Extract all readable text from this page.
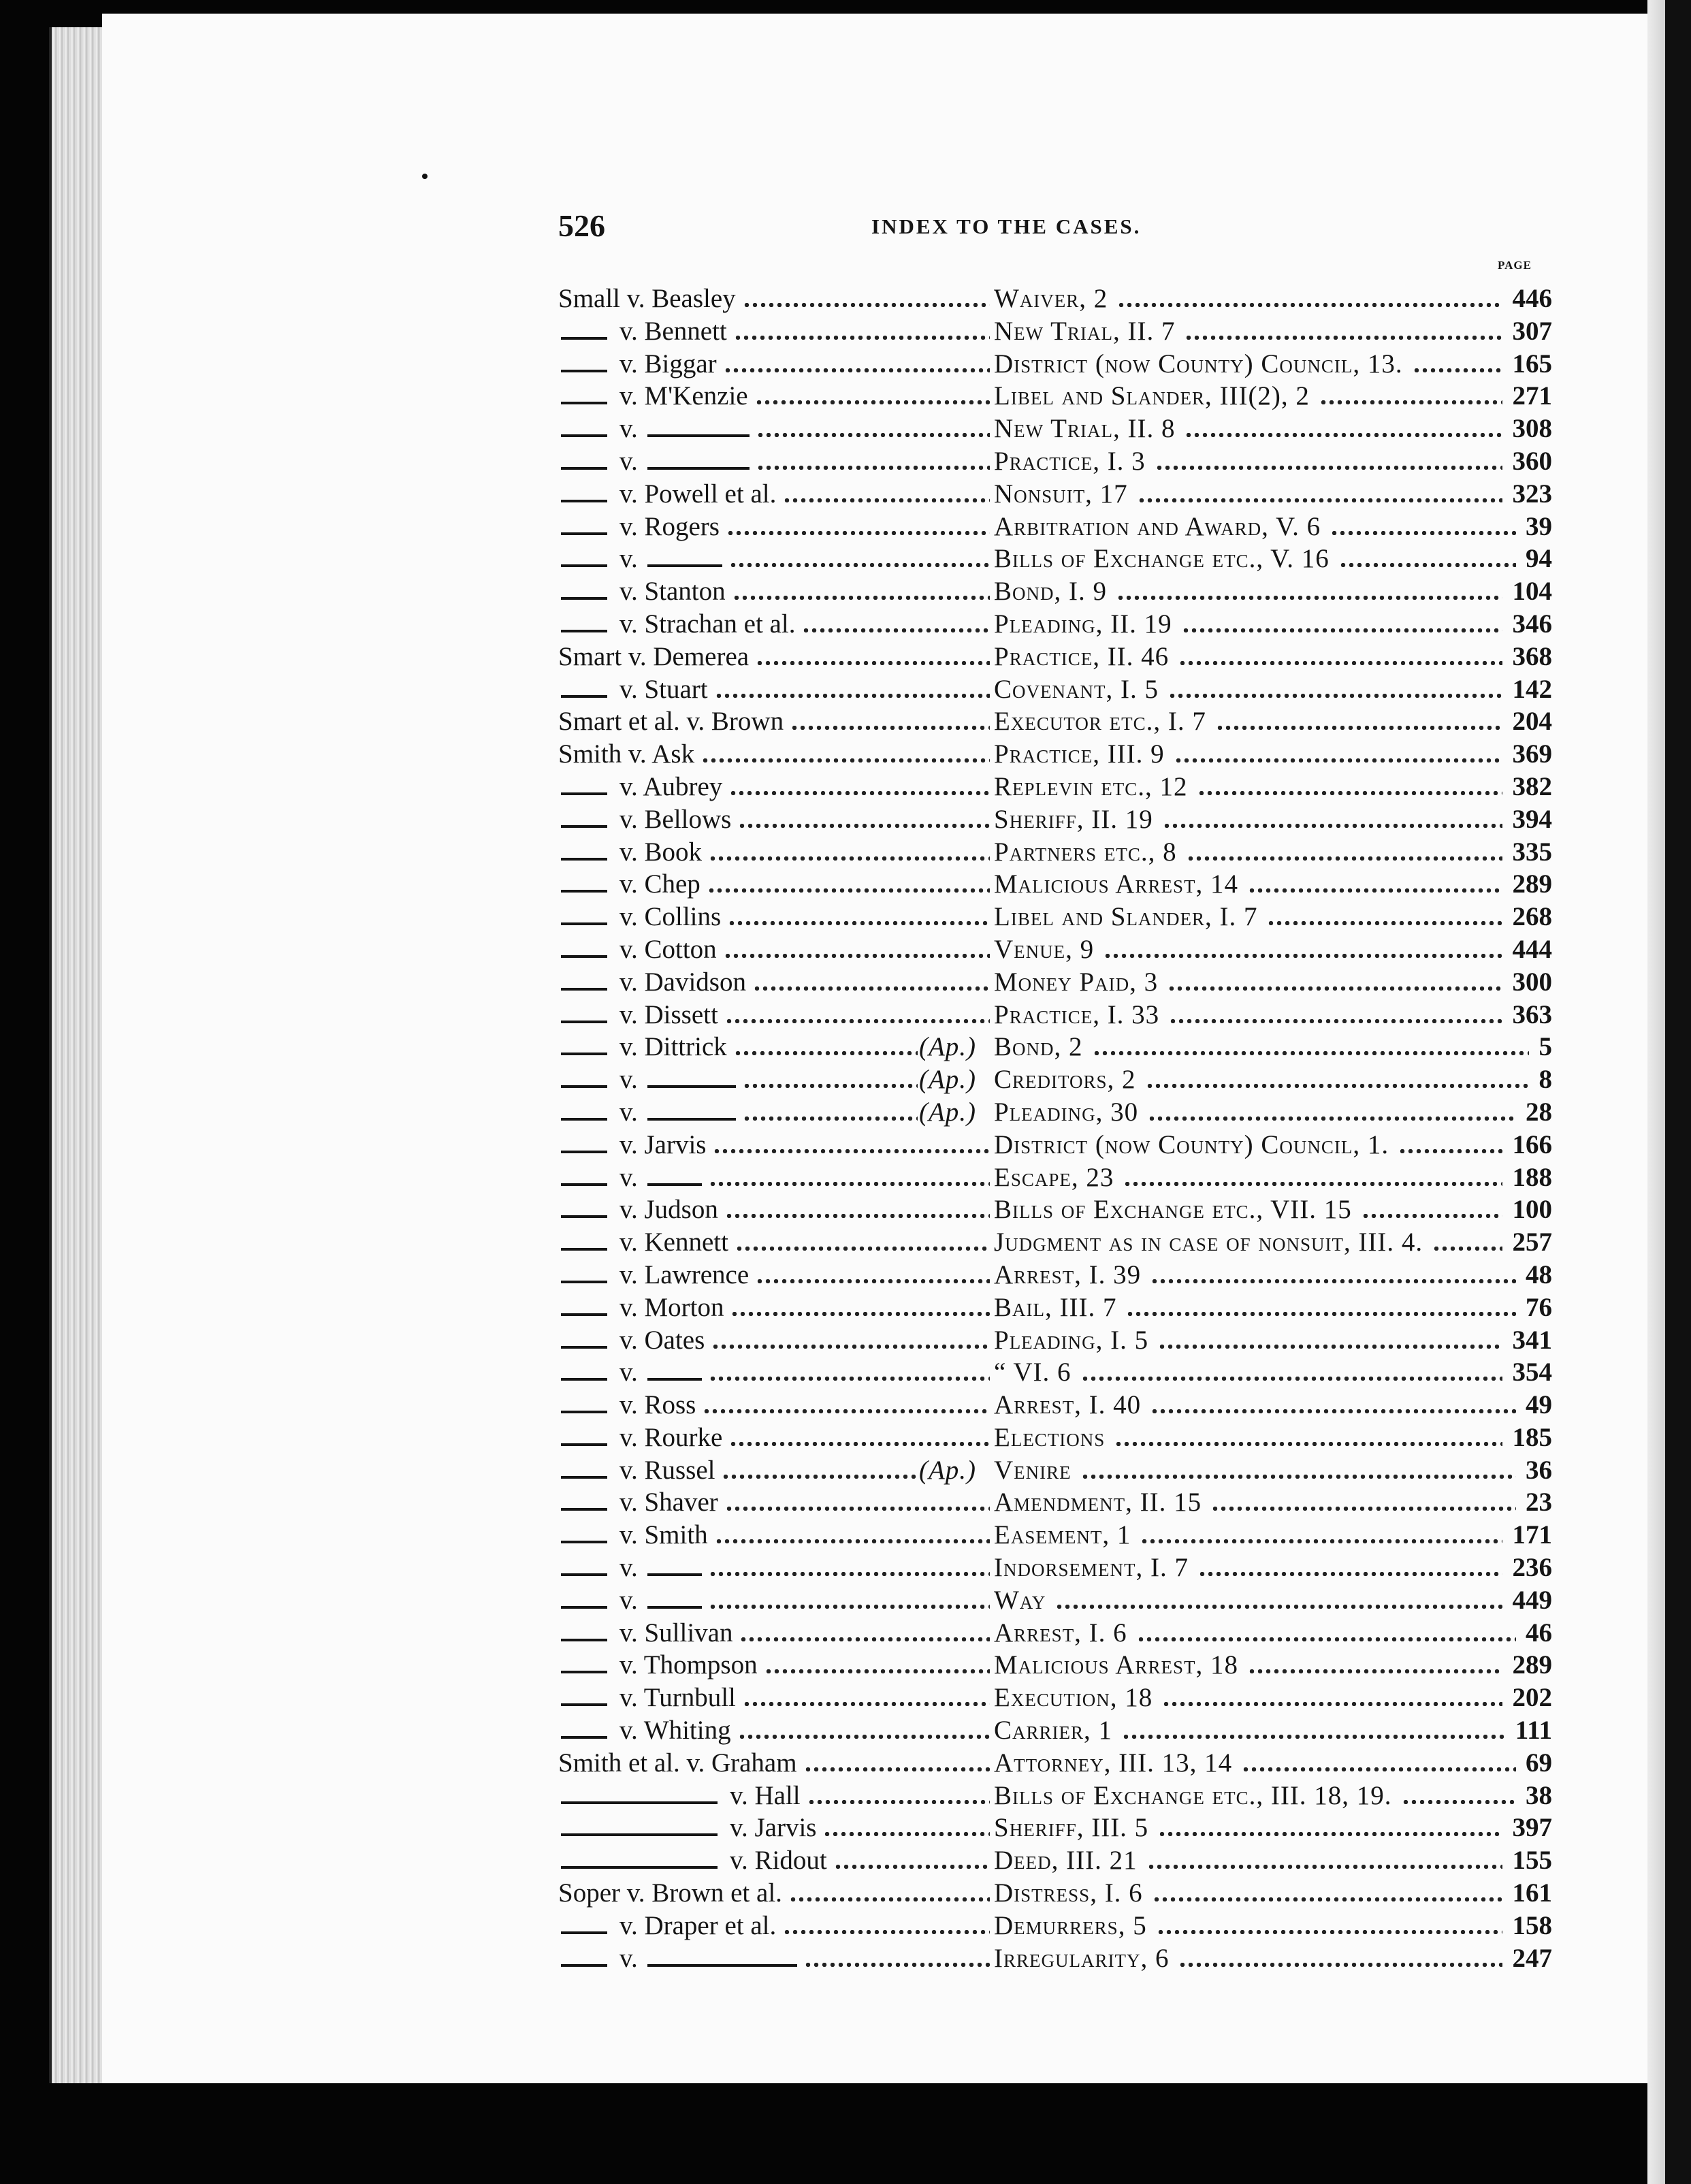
526	INDEX TO THE CASES.
PAGE
Small v. Beasley	Waiver, 2	446
v. Bennett	New Trial, II. 7	307
v. Biggar	District (now County) Council, 13.	165
v. M'Kenzie	Libel and Slander, III(2), 2	271
v.	New Trial, II. 8	308
v.	Practice, I. 3	360
v. Powell et al.	Nonsuit, 17	323
v. Rogers	Arbitration and Award, V. 6	39
v.	Bills of Exchange etc., V. 16	94
v. Stanton	Bond, I. 9	104
v. Strachan et al.	Pleading, II. 19	346
Smart v. Demerea	Practice, II. 46	368
v. Stuart	Covenant, I. 5	142
Smart et al. v. Brown	Executor etc., I. 7	204
Smith v. Ask	Practice, III. 9	369
v. Aubrey	Replevin etc., 12	382
v. Bellows	Sheriff, II. 19	394
v. Book	Partners etc., 8	335
v. Chep	Malicious Arrest, 14	289
v. Collins	Libel and Slander, I. 7	268
v. Cotton	Venue, 9	444
v. Davidson	Money Paid, 3	300
v. Dissett	Practice, I. 33	363
v. Dittrick	(Ap.) Bond, 2	5
v.	(Ap.) Creditors, 2	8
v.	(Ap.) Pleading, 30	28
v. Jarvis	District (now County) Council, 1.	166
v.	Escape, 23	188
v. Judson	Bills of Exchange etc., VII. 15	100
v. Kennett	Judgment as in case of nonsuit, III. 4.	257
v. Lawrence	Arrest, I. 39	48
v. Morton	Bail, III. 7	76
v. Oates	Pleading, I. 5	341
v.	“ VI. 6	354
v. Ross	Arrest, I. 40	49
v. Rourke	Elections	185
v. Russel	(Ap.) Venire	36
v. Shaver	Amendment, II. 15	23
v. Smith	Easement, 1	171
v.	Indorsement, I. 7	236
v.	Way	449
v. Sullivan	Arrest, I. 6	46
v. Thompson	Malicious Arrest, 18	289
v. Turnbull	Execution, 18	202
v. Whiting	Carrier, 1	111
Smith et al. v. Graham	Attorney, III. 13, 14	69
v. Hall	Bills of Exchange etc., III. 18, 19.	38
v. Jarvis	Sheriff, III. 5	397
v. Ridout	Deed, III. 21	155
Soper v. Brown et al.	Distress, I. 6	161
v. Draper et al.	Demurrers, 5	158
v.	Irregularity, 6	247
